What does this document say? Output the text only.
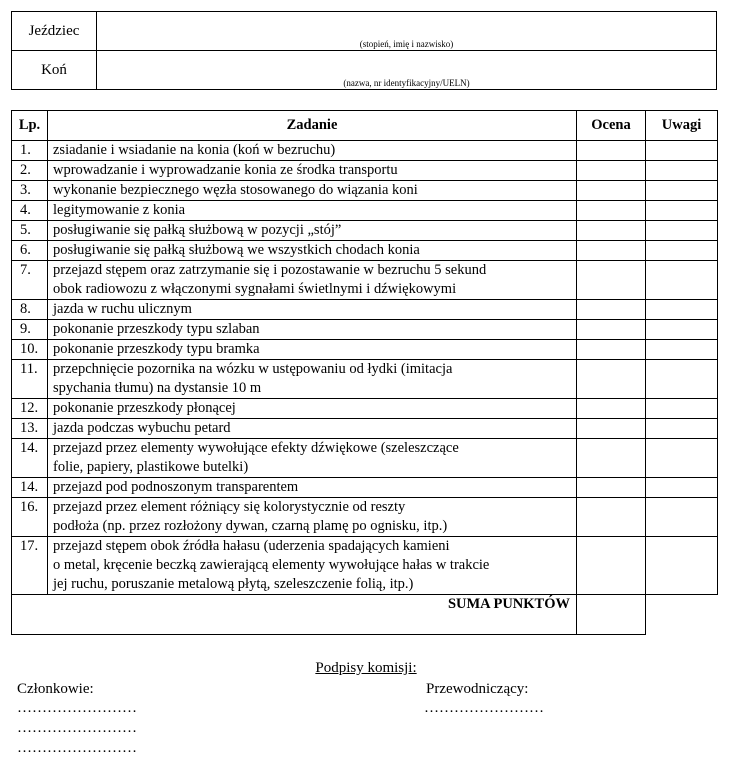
Jeździec	(stopień, imię i nazwisko)

Koń	(nazwa, nr identyfikacyjny/UELN)
Lp.	Zadanie	Ocena	Uwagi
1.	zsiadanie i wsiadanie na konia (koń w bezruchu)		

2.	wprowadzanie i wyprowadzanie konia ze środka transportu		

3.	wykonanie bezpiecznego węzła stosowanego do wiązania koni		

4.	legitymowanie z konia		

5.	posługiwanie się pałką służbową w pozycji „stój”		

6.	posługiwanie się pałką służbową we wszystkich chodach konia		

7.	przejazd stępem oraz zatrzymanie się i pozostawanie w bezruchu 5 sekund
obok radiowozu z włączonymi sygnałami świetlnymi i dźwiękowymi		

8.	jazda w ruchu ulicznym		

9.	pokonanie przeszkody typu szlaban		

10.	pokonanie przeszkody typu bramka		

11.	przepchnięcie pozornika na wózku w ustępowaniu od łydki (imitacja
spychania tłumu) na dystansie 10 m		

12.	pokonanie przeszkody płonącej		

13.	jazda podczas wybuchu petard		

14.	przejazd przez elementy wywołujące efekty dźwiękowe (szeleszczące
folie, papiery, plastikowe butelki)		

14.	przejazd pod podnoszonym transparentem		

16.	przejazd przez element różniący się kolorystycznie od reszty
podłoża (np. przez rozłożony dywan, czarną plamę po ognisku, itp.)		

17.	przejazd stępem obok źródła hałasu (uderzenia spadających kamieni
o metal, kręcenie beczką zawierającą elementy wywołujące hałas w trakcie
jej ruchu, poruszanie metalową płytą, szeleszczenie folią, itp.)		

	SUMA PUNKTÓW		
Podpisy komisji:
Członkowie:	Przewodniczący:
……………………
……………………
……………………
……………………
